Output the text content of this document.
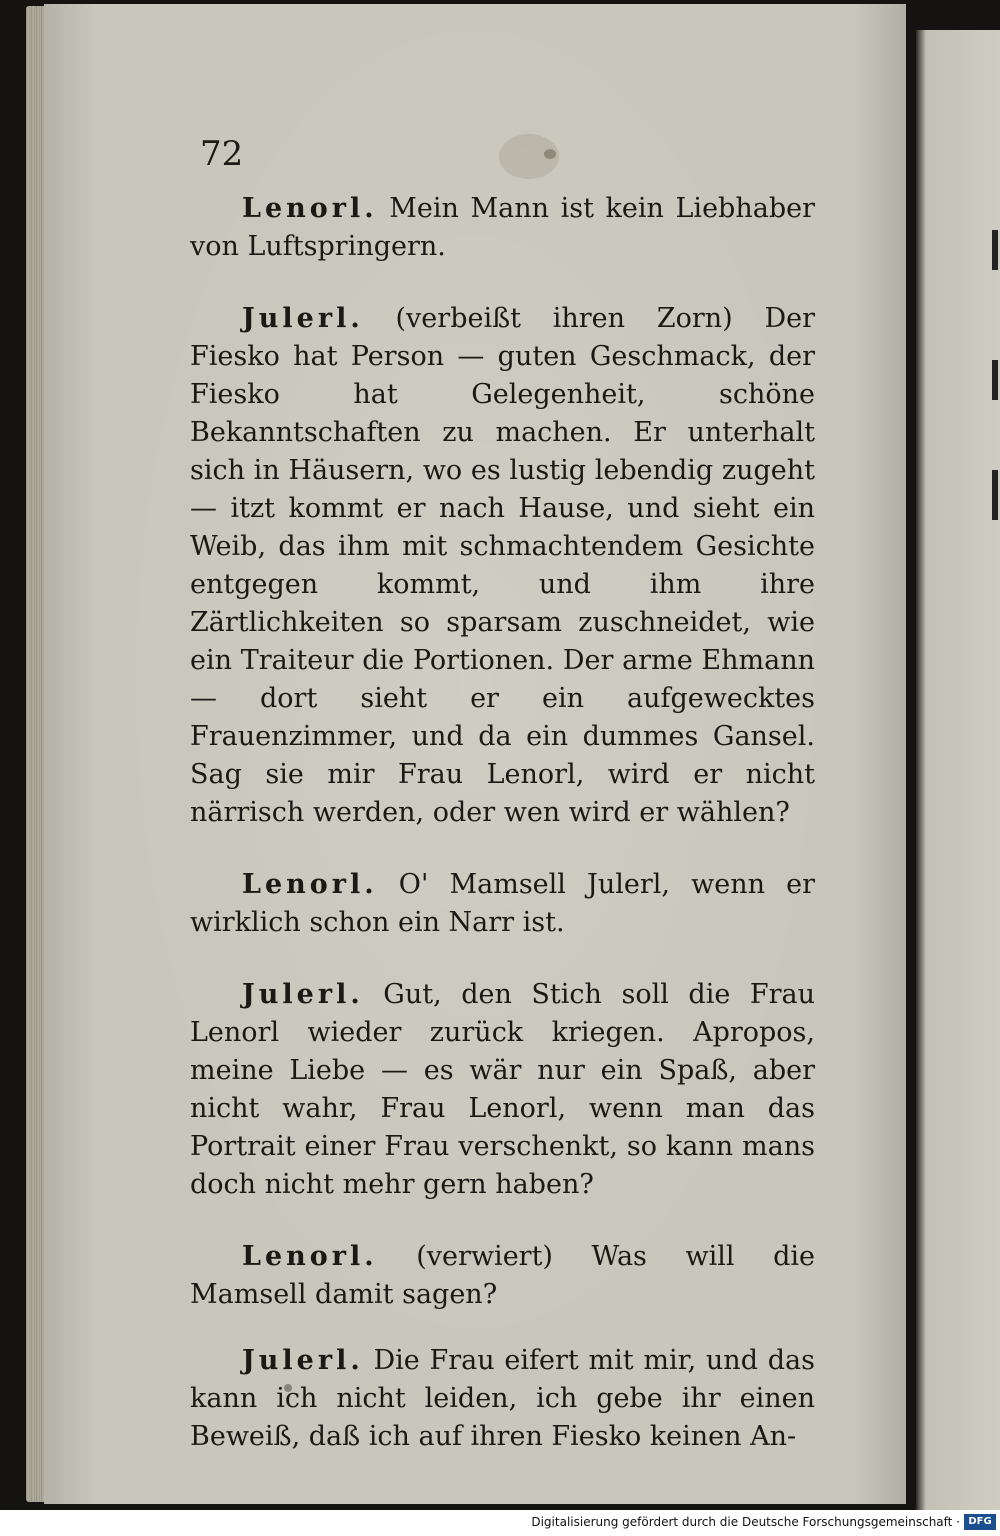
72

Lenorl. Mein Mann ist kein Liebhaber von Luftspringern.

Julerl. (verbeißt ihren Zorn) Der Fiesko hat Person — guten Geschmack, der Fiesko hat Gelegenheit, schöne Bekanntschaften zu machen. Er unterhalt sich in Häusern, wo es lustig lebendig zugeht — itzt kommt er nach Hause, und sieht ein Weib, das ihm mit schmachtendem Gesichte entgegen kommt, und ihm ihre Zärtlichkeiten so sparsam zuschneidet, wie ein Traiteur die Portionen. Der arme Ehmann — dort sieht er ein aufgewecktes Frauenzimmer, und da ein dummes Gansel. Sag sie mir Frau Lenorl, wird er nicht närrisch werden, oder wen wird er wählen?

Lenorl. O' Mamsell Julerl, wenn er wirklich schon ein Narr ist.

Julerl. Gut, den Stich soll die Frau Lenorl wieder zurück kriegen. Apropos, meine Liebe — es wär nur ein Spaß, aber nicht wahr, Frau Lenorl, wenn man das Portrait einer Frau verschenkt, so kann mans doch nicht mehr gern haben?

Lenorl. (verwiert) Was will die Mamsell damit sagen?

Julerl. Die Frau eifert mit mir, und das kann ich nicht leiden, ich gebe ihr einen Beweiß, daß ich auf ihren Fiesko keinen An-

Digitalisierung gefördert durch die Deutsche Forschungsgemeinschaft · DFG
